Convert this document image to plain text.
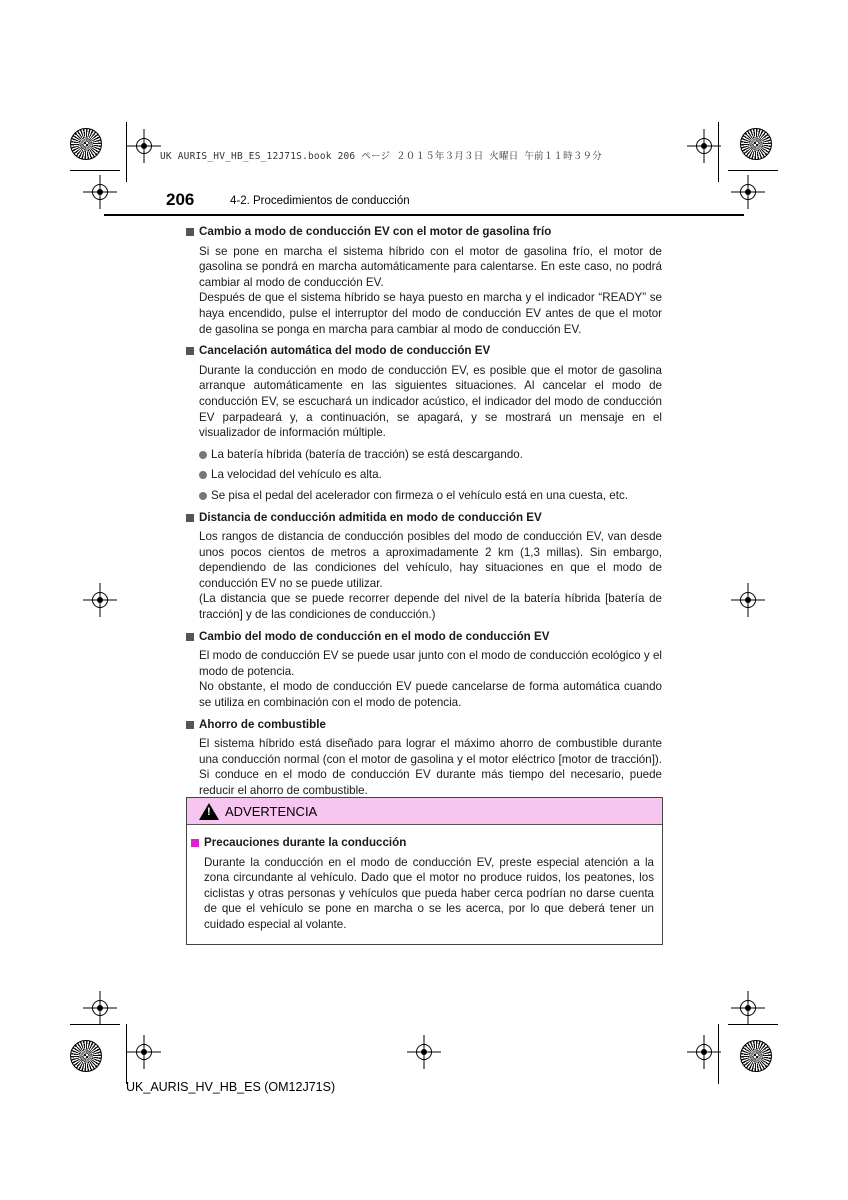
UK AURIS_HV_HB_ES_12J71S.book 206 ページ ２０１５年３月３日 火曜日 午前１１時３９分
206	4-2. Procedimientos de conducción
Cambio a modo de conducción EV con el motor de gasolina frío

Si se pone en marcha el sistema híbrido con el motor de gasolina frío, el motor de gasolina se pondrá en marcha automáticamente para calentarse. En este caso, no podrá cambiar al modo de conducción EV.

Después de que el sistema híbrido se haya puesto en marcha y el indicador “READY” se haya encendido, pulse el interruptor del modo de conducción EV antes de que el motor de gasolina se ponga en marcha para cambiar al modo de conducción EV.

Cancelación automática del modo de conducción EV

Durante la conducción en modo de conducción EV, es posible que el motor de gasolina arranque automáticamente en las siguientes situaciones. Al cancelar el modo de conducción EV, se escuchará un indicador acústico, el indicador del modo de conducción EV parpadeará y, a continuación, se apagará, y se mostrará un mensaje en el visualizador de información múltiple.

La batería híbrida (batería de tracción) se está descargando.
La velocidad del vehículo es alta.
Se pisa el pedal del acelerador con firmeza o el vehículo está en una cuesta, etc.
Distancia de conducción admitida en modo de conducción EV

Los rangos de distancia de conducción posibles del modo de conducción EV, van desde unos pocos cientos de metros a aproximadamente 2 km (1,3 millas). Sin embargo, dependiendo de las condiciones del vehículo, hay situaciones en que el modo de conducción EV no se puede utilizar.

(La distancia que se puede recorrer depende del nivel de la batería híbrida [batería de tracción] y de las condiciones de conducción.)

Cambio del modo de conducción en el modo de conducción EV

El modo de conducción EV se puede usar junto con el modo de conducción ecológico y el modo de potencia.

No obstante, el modo de conducción EV puede cancelarse de forma automática cuando se utiliza en combinación con el modo de potencia.

Ahorro de combustible

El sistema híbrido está diseñado para lograr el máximo ahorro de combustible durante una conducción normal (con el motor de gasolina y el motor eléctrico [motor de tracción]). Si conduce en el modo de conducción EV durante más tiempo del necesario, puede reducir el ahorro de combustible.

! ADVERTENCIA
Precauciones durante la conducción
Durante la conducción en el modo de conducción EV, preste especial atención a la zona circundante al vehículo. Dado que el motor no produce ruidos, los peatones, los ciclistas y otras personas y vehículos que pueda haber cerca podrían no darse cuenta de que el vehículo se pone en marcha o se les acerca, por lo que deberá tener un cuidado especial al volante.
UK_AURIS_HV_HB_ES (OM12J71S)
